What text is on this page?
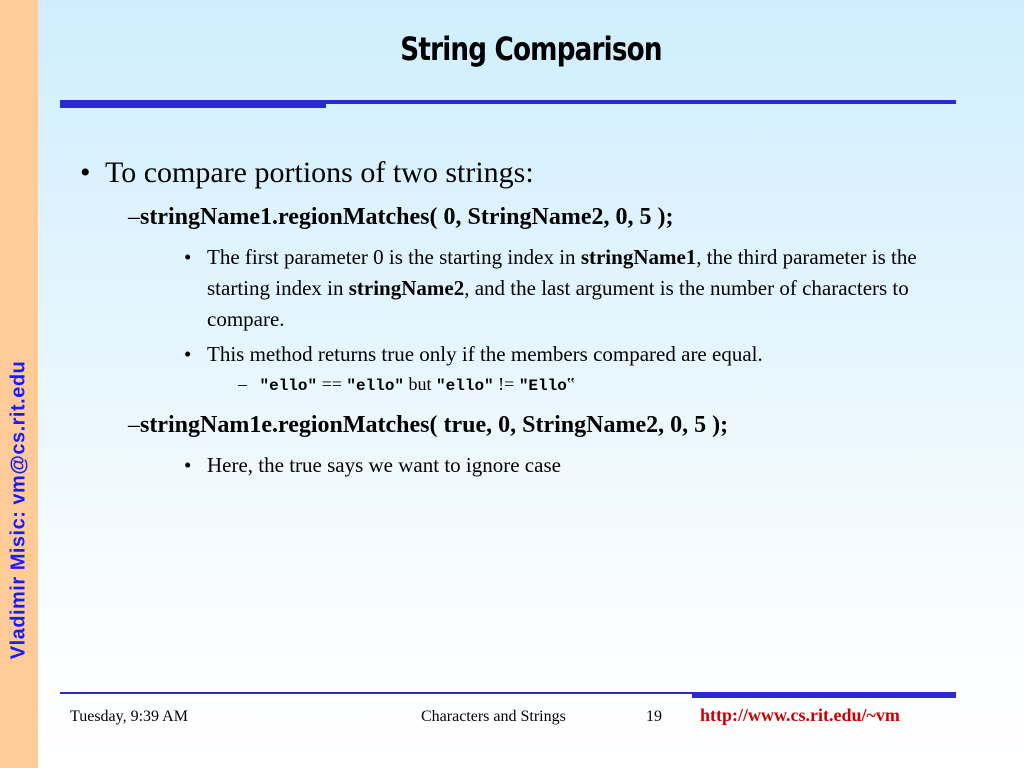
Vladimir Misic: vm@cs.rit.edu
String Comparison
• To compare portions of two strings:
–stringName1.regionMatches( 0, StringName2, 0, 5 );
• The first parameter 0 is the starting index in stringName1, the third parameter is the starting index in stringName2, and the last argument is the number of characters to compare.
• This method returns true only if the members compared are equal.
– "ello" == "ello" but "ello" != "Ello‟
–stringNam1e.regionMatches( true, 0, StringName2, 0, 5 );
• Here, the true says we want to ignore case
Tuesday, 9:39 AM	Characters and Strings	19 http://www.cs.rit.edu/~vm
